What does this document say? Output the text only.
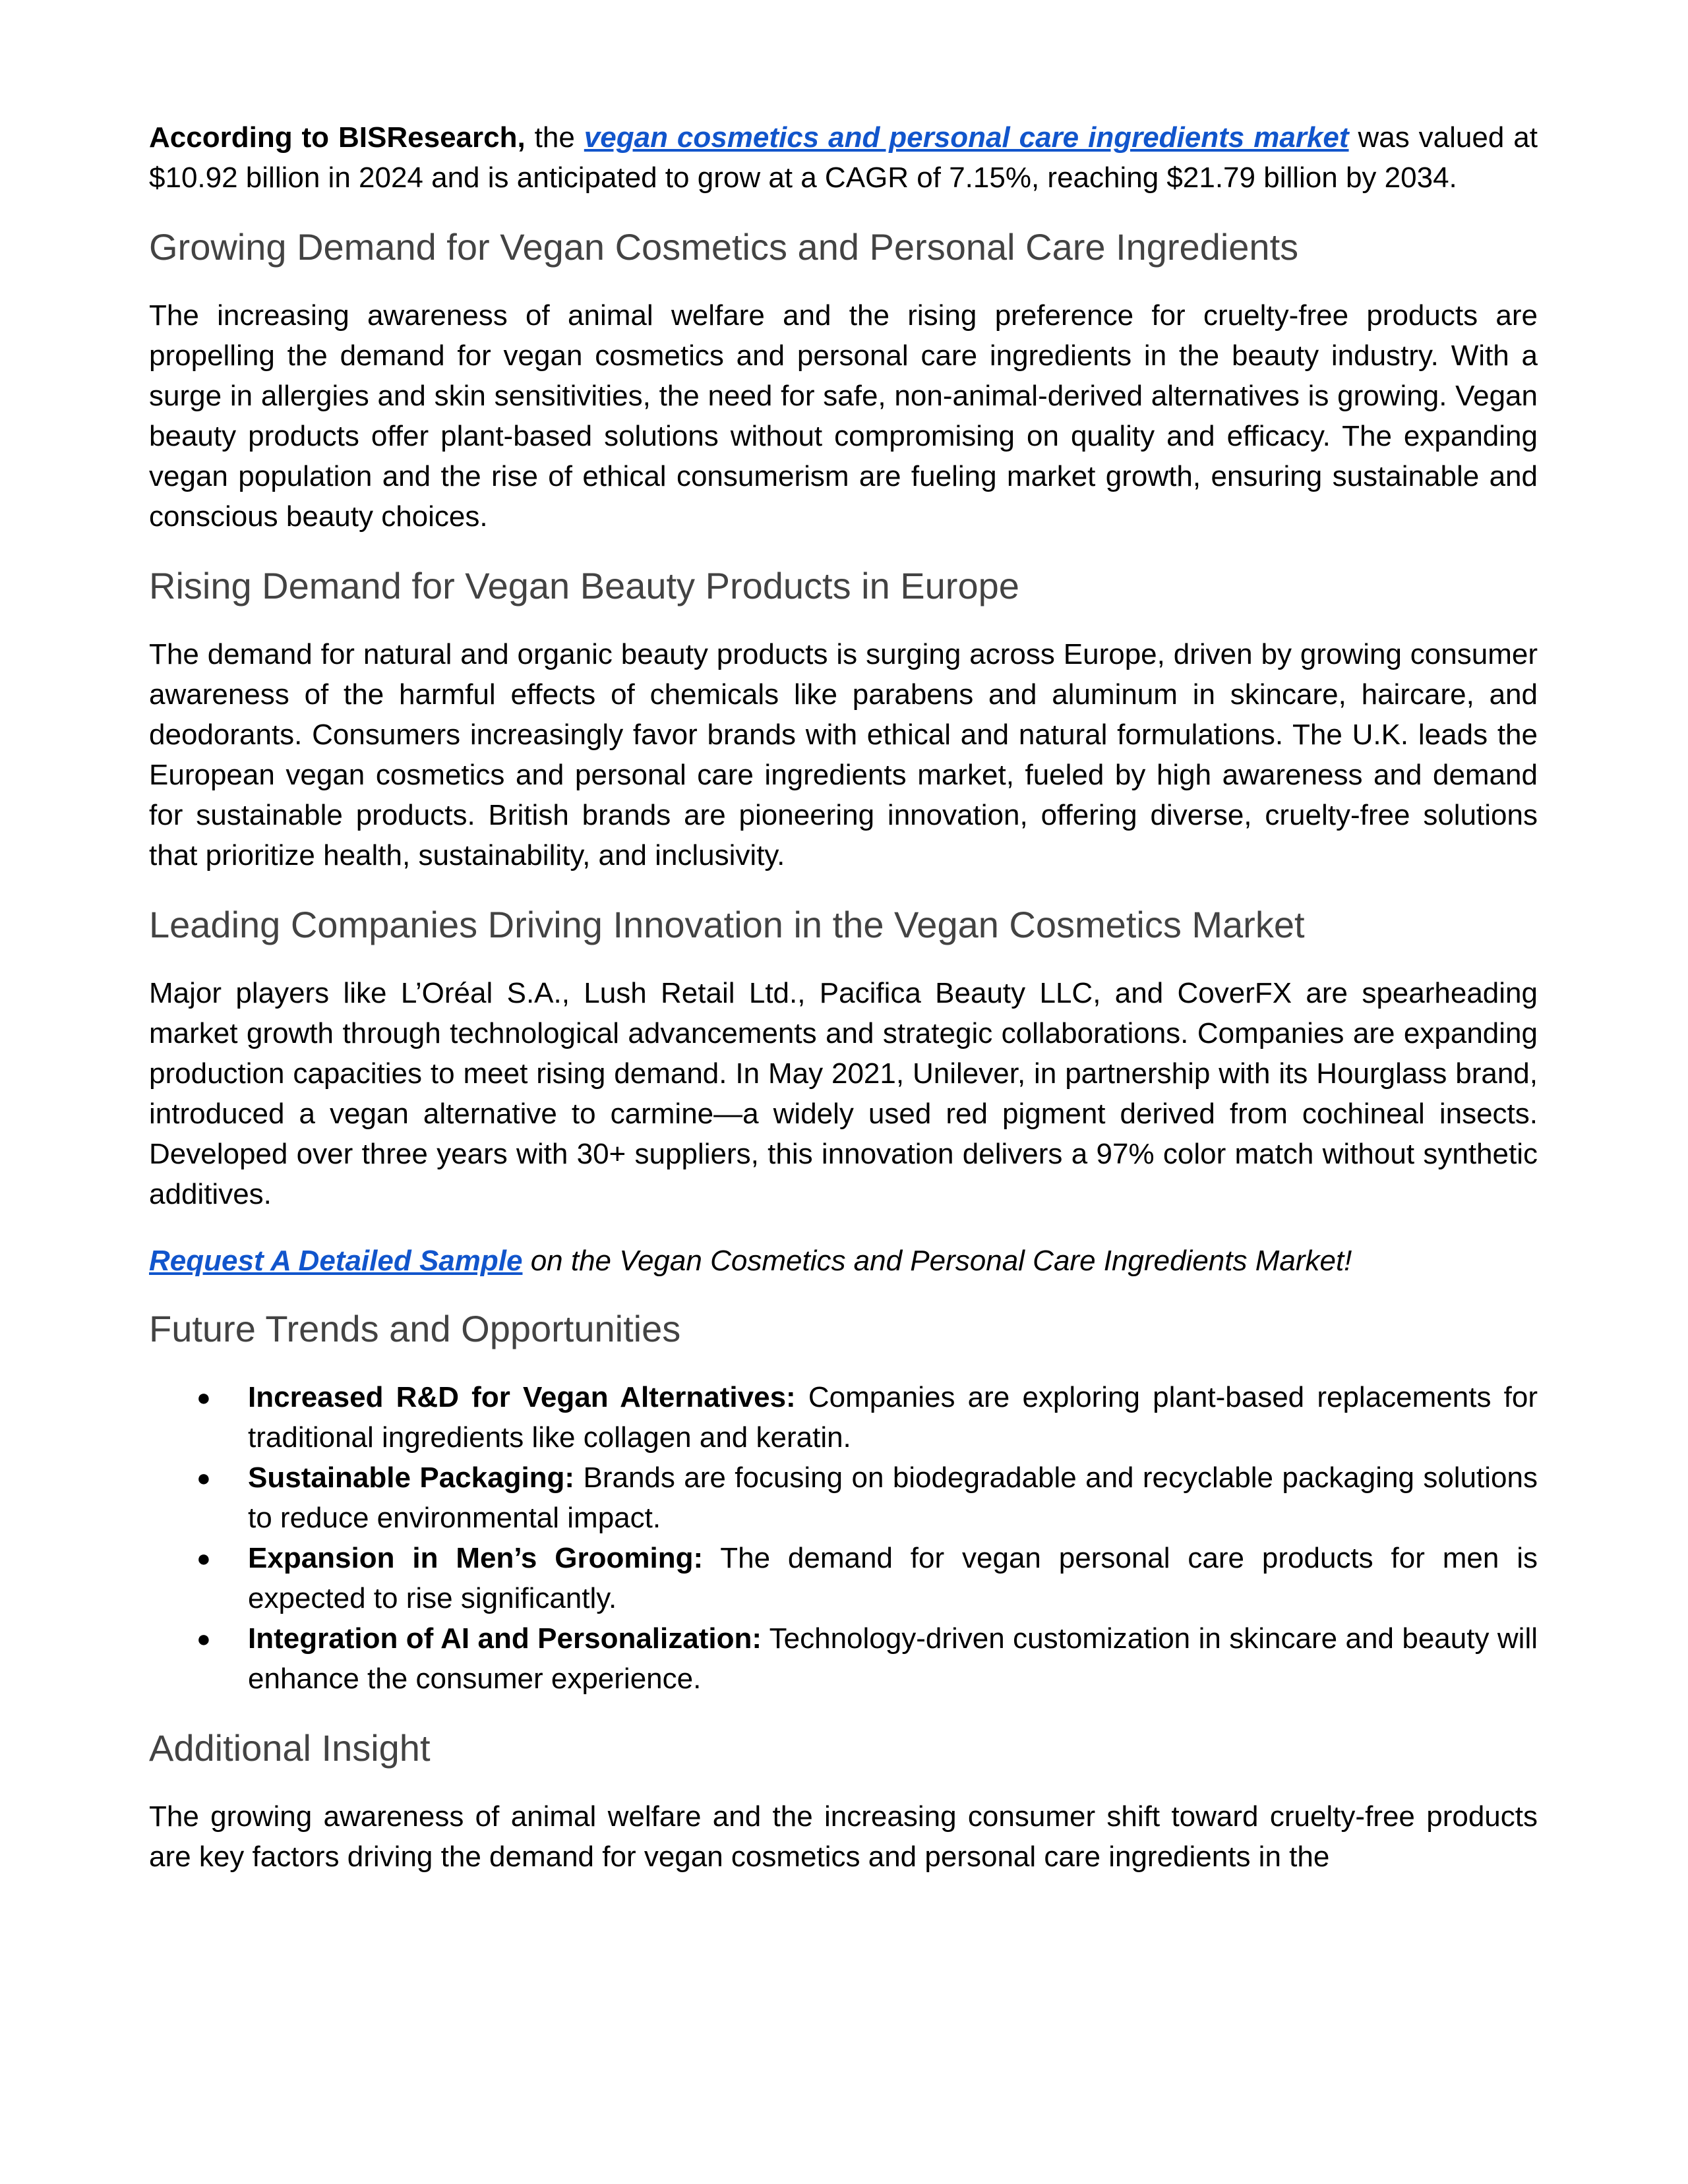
According to BISResearch, the vegan cosmetics and personal care ingredients market was valued at $10.92 billion in 2024 and is anticipated to grow at a CAGR of 7.15%, reaching $21.79 billion by 2034.

Growing Demand for Vegan Cosmetics and Personal Care Ingredients

The increasing awareness of animal welfare and the rising preference for cruelty-free products are propelling the demand for vegan cosmetics and personal care ingredients in the beauty industry. With a surge in allergies and skin sensitivities, the need for safe, non-animal-derived alternatives is growing. Vegan beauty products offer plant-based solutions without compromising on quality and efficacy. The expanding vegan population and the rise of ethical consumerism are fueling market growth, ensuring sustainable and conscious beauty choices.

Rising Demand for Vegan Beauty Products in Europe

The demand for natural and organic beauty products is surging across Europe, driven by growing consumer awareness of the harmful effects of chemicals like parabens and aluminum in skincare, haircare, and deodorants. Consumers increasingly favor brands with ethical and natural formulations. The U.K. leads the European vegan cosmetics and personal care ingredients market, fueled by high awareness and demand for sustainable products. British brands are pioneering innovation, offering diverse, cruelty-free solutions that prioritize health, sustainability, and inclusivity.

Leading Companies Driving Innovation in the Vegan Cosmetics Market

Major players like L’Oréal S.A., Lush Retail Ltd., Pacifica Beauty LLC, and CoverFX are spearheading market growth through technological advancements and strategic collaborations. Companies are expanding production capacities to meet rising demand. In May 2021, Unilever, in partnership with its Hourglass brand, introduced a vegan alternative to carmine—a widely used red pigment derived from cochineal insects. Developed over three years with 30+ suppliers, this innovation delivers a 97% color match without synthetic additives.

Request A Detailed Sample on the Vegan Cosmetics and Personal Care Ingredients Market!

Future Trends and Opportunities
● Increased R&D for Vegan Alternatives: Companies are exploring plant-based replacements for traditional ingredients like collagen and keratin.
● Sustainable Packaging: Brands are focusing on biodegradable and recyclable packaging solutions to reduce environmental impact.
● Expansion in Men’s Grooming: The demand for vegan personal care products for men is expected to rise significantly.
● Integration of AI and Personalization: Technology-driven customization in skincare and beauty will enhance the consumer experience.
Additional Insight

The growing awareness of animal welfare and the increasing consumer shift toward cruelty-free products are key factors driving the demand for vegan cosmetics and personal care ingredients in the
